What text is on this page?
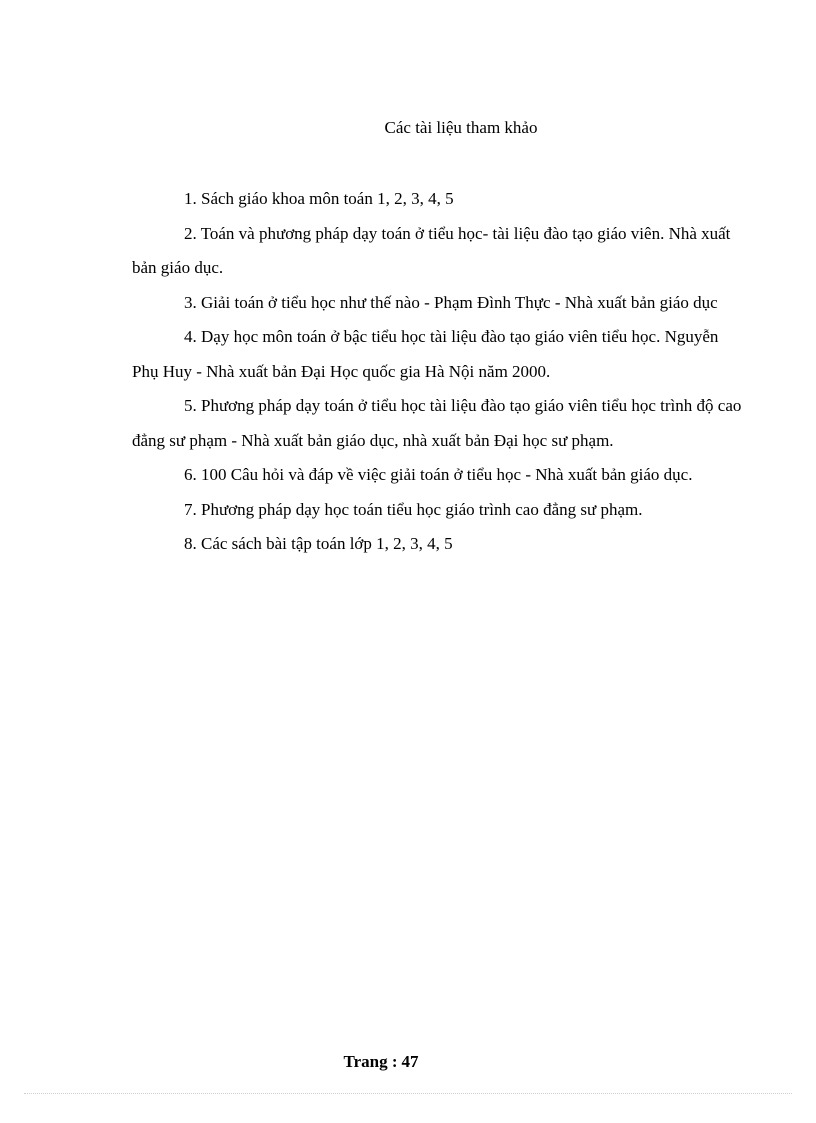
Các tài liệu tham khảo

1. Sách giáo khoa môn toán 1, 2, 3, 4, 5

2. Toán và phương pháp dạy toán ở tiểu học- tài liệu đào tạo giáo viên. Nhà xuất bản giáo dục.

3. Giải toán ở tiểu học như thế nào - Phạm Đình Thực - Nhà xuất bản giáo dục

4. Dạy học môn toán ở bậc tiểu học tài liệu đào tạo giáo viên tiểu học. Nguyễn Phụ Huy - Nhà xuất bản Đại Học quốc gia Hà Nội năm 2000.

5. Phương pháp dạy toán ở tiểu học tài liệu đào tạo giáo viên tiểu học trình độ cao đẳng sư phạm - Nhà xuất bản giáo dục, nhà xuất bản Đại học sư phạm.

6. 100 Câu hỏi và đáp về việc giải toán ở tiểu học - Nhà xuất bản giáo dục.

7. Phương pháp dạy học toán tiểu học giáo trình cao đẳng sư phạm.

8. Các sách bài tập toán lớp 1, 2, 3, 4, 5

Trang : 47
